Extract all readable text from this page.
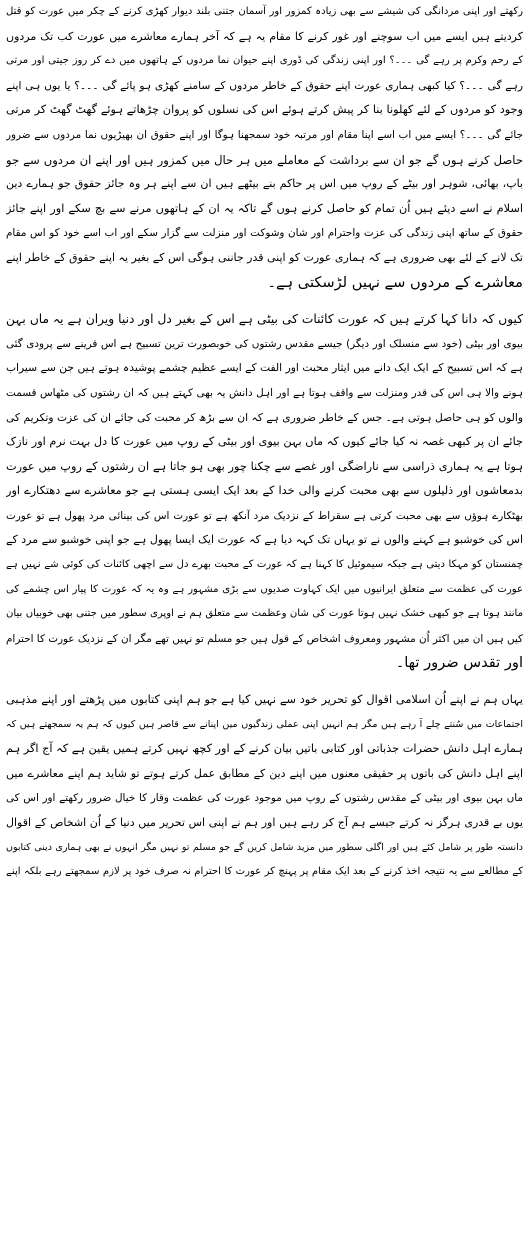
رکھتے اور اپنی مردانگی کی شیشے سے بھی زیادہ کمزور اور آسمان جتنی بلند دیوار کھڑی کرنے کے چکر میں عورت کو قتل
کردیتے ہیں ایسے میں اب سوچنے اور غور کرنے کا مقام یہ ہے کہ آخر ہمارے معاشرے میں عورت کب تک مردوں
کے رحم وکرم پر رہے گی ۔۔۔؟ اور اپنی زندگی کی ڈوری اپنے حیوان نما مردوں کے ہاتھوں میں دے کر روز جیتی اور مرتی
رہے گی ۔۔۔؟ کیا کبھی ہماری عورت اپنے حقوق کے خاطر مردوں کے سامنے کھڑی ہو پائے گی ۔۔۔؟ یا یوں ہی اپنے
وجود کو مردوں کے لئے کھلونا بنا کر پیش کرتے ہوئے اس کی نسلوں کو پروان چڑھاتے ہوئے گھٹ گھٹ کر مرتی
جائے گی ۔۔۔؟ ایسے میں اب اسے اپنا مقام اور مرتبہ خود سمجھنا ہوگا اور اپنے حقوق ان بھیڑیوں نما مردوں سے ضرور
حاصل کرنے ہوں گے جو ان سے برداشت کے معاملے میں ہر حال میں کمزور ہیں اور اپنے ان مردوں سے جو
باپ، بھائی، شوہر اور بیٹے کے روپ میں اس پر حاکم بنے بیٹھے ہیں ان سے اپنے ہر وہ جائز حقوق جو ہمارے دین
اسلام نے اسے دیئے ہیں اُن تمام کو حاصل کرنے ہوں گے تاکہ یہ ان کے ہاتھوں مرنے سے بچ سکے اور اپنے جائز
حقوق کے ساتھ اپنی زندگی کی عزت واحترام اور شان وشوکت اور منزلت سے گزار سکے اور اب اسے خود کو اس مقام
تک لانے کے لئے بھی ضروری ہے کہ ہماری عورت کو اپنی قدر جاننی ہوگی اس کے بغیر یہ اپنے حقوق کے خاطر اپنے
معاشرے کے مردوں سے نہیں لڑسکتی ہے۔
کیوں کہ دانا کہا کرتے ہیں کہ عورت کائنات کی بیٹی ہے اس کے بغیر دل اور دنیا ویران ہے یہ ماں بہن
بیوی اور بیٹی (خود سے منسلک اور دیگر) جیسے مقدس رشتوں کی خوبصورت ترین تسبیح ہے اس قرینے سے پرودی گئی
ہے کہ اس تسبیح کے ایک ایک دانے میں ایثار محبت اور الفت کے ایسے عظیم چشمے پوشیدہ ہوتے ہیں جن سے سیراب
ہونے والا ہی اس کی قدر ومنزلت سے واقف ہوتا ہے اور اہل دانش یہ بھی کہتے ہیں کہ ان رشتوں کی مٹھاس قسمت
والوں کو ہی حاصل ہوتی ہے۔ جس کے خاطر ضروری ہے کہ ان سے بڑھ کر محبت کی جائے ان کی عزت وتکریم کی
جائے ان پر کبھی غصہ نہ کیا جائے کیوں کہ ماں بہن بیوی اور بیٹی کے روپ میں عورت کا دل بہت نرم اور نازک
ہوتا ہے یہ ہماری ذراسی سے ناراضگی اور غصے سے چکنا چور بھی ہو جاتا ہے ان رشتوں کے روپ میں عورت
بدمعاشوں اور ذلیلوں سے بھی محبت کرنے والی خدا کے بعد ایک ایسی ہستی ہے جو معاشرے سے دھتکارے اور
بھٹکارے ہوؤں سے بھی محبت کرتی ہے سقراط کے نزدیک مرد آنکھ ہے تو عورت اس کی بینائی مرد پھول ہے تو عورت
اس کی خوشبو ہے کہنے والوں نے تو یہاں تک کہہ دیا ہے کہ عورت ایک ایسا پھول ہے جو اپنی خوشبو سے مرد کے
چمنستان کو مہکا دیتی ہے جبکہ سیموئیل کا کہنا ہے کہ عورت کے محبت بھرے دل سے اچھی کائنات کی کوئی شے نہیں ہے
عورت کی عظمت سے متعلق ایرانیوں میں ایک کہاوت صدیوں سے بڑی مشہور ہے وہ یہ کہ عورت کا پیار اس چشمے کی
مانند ہوتا ہے جو کبھی خشک نہیں ہوتا عورت کی شان وعظمت سے متعلق ہم نے اوپری سطور میں جتنی بھی خوبیاں بیان
کیں ہیں ان میں اکثر اُن مشہور ومعروف اشخاص کے قول ہیں جو مسلم تو نہیں تھے مگر ان کے نزدیک عورت کا احترام
اور تقدس ضرور تھا۔
یہاں ہم نے اپنے اُن اسلامی اقوال کو تحریر خود سے نہیں کیا ہے جو ہم اپنی کتابوں میں پڑھتے اور اپنے مذہبی
اجتماعات میں سُنتے چلے آ رہے ہیں مگر ہم انہیں اپنی عملی زندگیوں میں اپنانے سے قاصر ہیں کیوں کہ ہم یہ سمجھتے ہیں کہ
ہمارے اہل دانش حضرات جذباتی اور کتابی باتیں بیان کرنے کے اور کچھ نہیں کرتے ہمیں یقین ہے کہ آج اگر ہم
اپنے اہل دانش کی باتوں پر حقیقی معنوں میں اپنے دین کے مطابق عمل کرتے ہوتے تو شاید ہم اپنے معاشرے میں
ماں بہن بیوی اور بیٹی کے مقدس رشتوں کے روپ میں موجود عورت کی عظمت وقار کا خیال ضرور رکھتے اور اس کی
یوں بے قدری ہرگز نہ کرتے جیسے ہم آج کر رہے ہیں اور ہم نے اپنی اس تحریر میں دنیا کے اُن اشخاص کے اقوال
دانستہ طور پر شامل کئے ہیں اور اگلی سطور میں مزید شامل کریں گے جو مسلم تو نہیں مگر انہوں نے بھی ہماری دینی کتابوں
کے مطالعے سے یہ نتیجہ اخذ کرنے کے بعد ایک مقام پر پہنچ کر عورت کا احترام نہ صرف خود پر لازم سمجھتے رہے بلکہ اپنے
